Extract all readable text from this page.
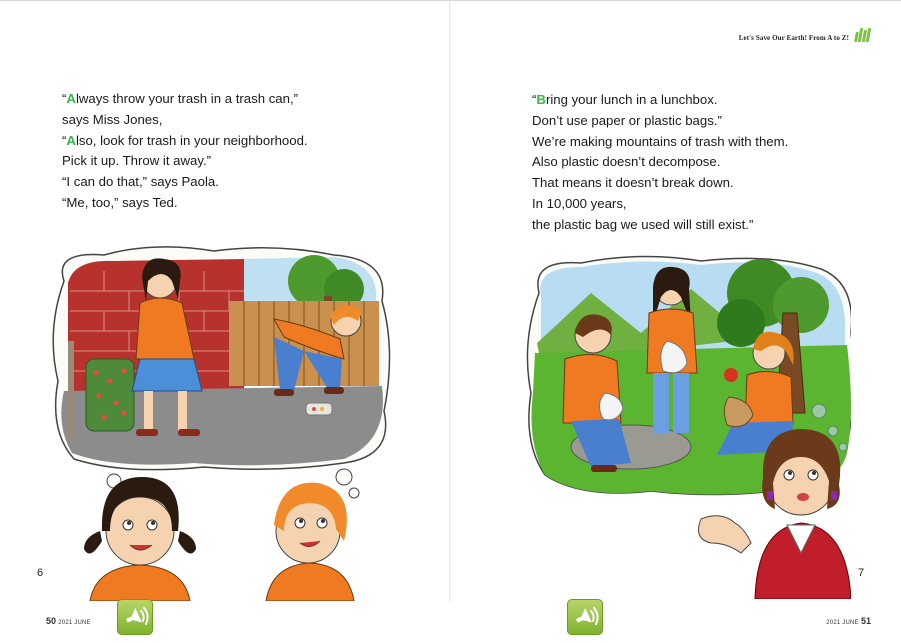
Let's Save Our Earth! From A to Z!
“Always throw your trash in a trash can,”
says Miss Jones,
“Also, look for trash in your neighborhood.
Pick it up. Throw it away.”
“I can do that,” says Paola.
“Me, too,” says Ted.
“Bring your lunch in a lunchbox.
Don’t use paper or plastic bags.”
We’re making mountains of trash with them.
Also plastic doesn’t decompose.
That means it doesn’t break down.
In 10,000 years,
the plastic bag we used will still exist.”
6	7
50 2021 JUNE	2021 JUNE 51
